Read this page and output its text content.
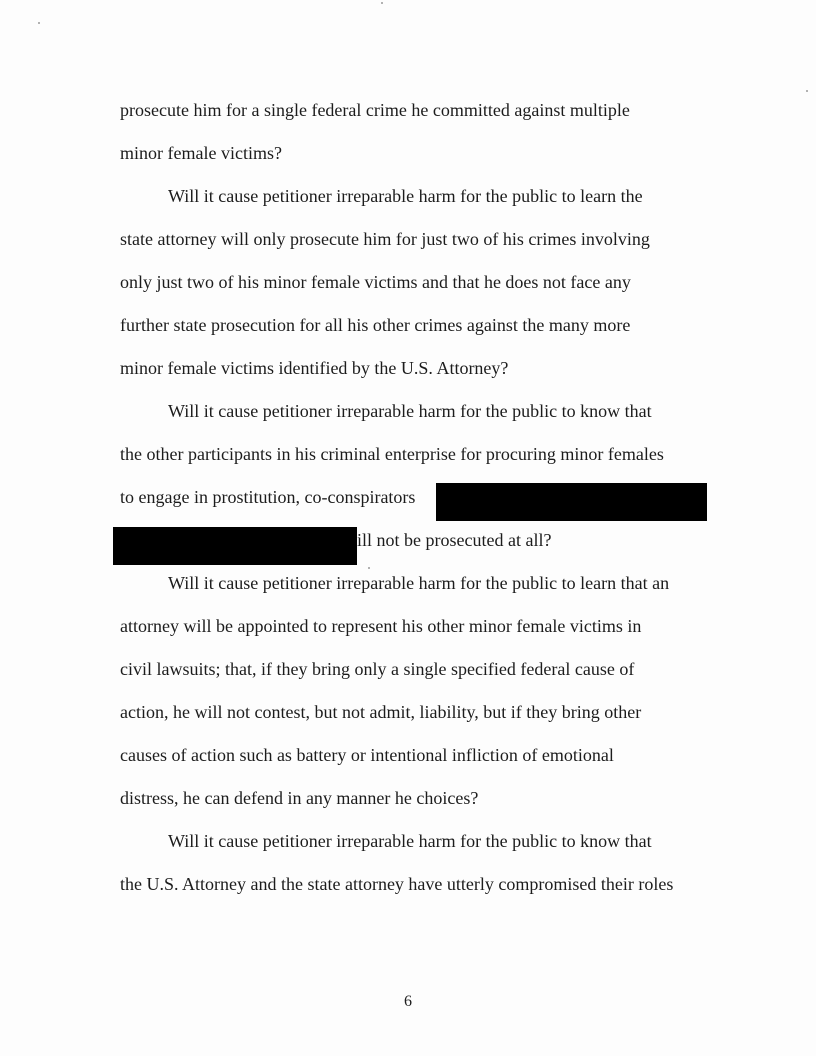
prosecute him for a single federal crime he committed against multiple
minor female victims?
Will it cause petitioner irreparable harm for the public to learn the
state attorney will only prosecute him for just two of his crimes involving
only just two of his minor female victims and that he does not face any
further state prosecution for all his other crimes against the many more
minor female victims identified by the U.S. Attorney?
Will it cause petitioner irreparable harm for the public to know that
the other participants in his criminal enterprise for procuring minor females
to engage in prostitution, co-conspirators
ill not be prosecuted at all?
Will it cause petitioner irreparable harm for the public to learn that an
attorney will be appointed to represent his other minor female victims in
civil lawsuits; that, if they bring only a single specified federal cause of
action, he will not contest, but not admit, liability, but if they bring other
causes of action such as battery or intentional infliction of emotional
distress, he can defend in any manner he choices?
Will it cause petitioner irreparable harm for the public to know that
the U.S. Attorney and the state attorney have utterly compromised their roles
6
